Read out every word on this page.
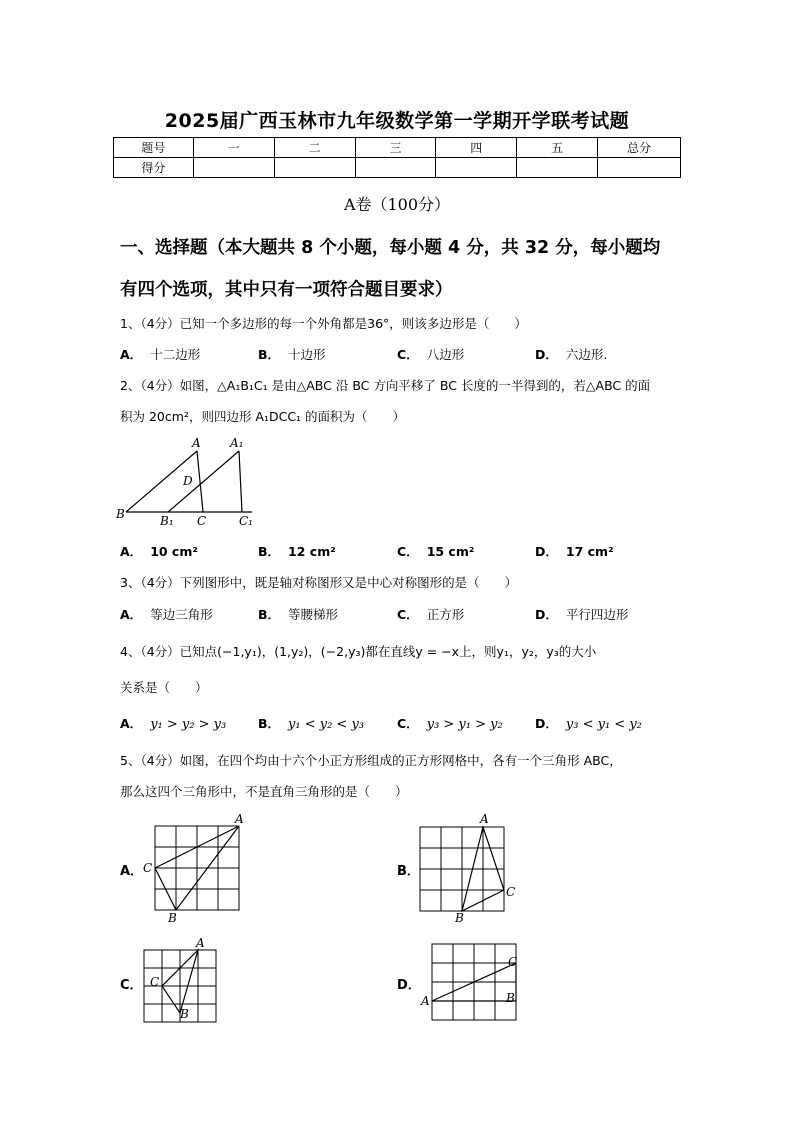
2025届广西玉林市九年级数学第一学期开学联考试题
题号	一	二	三	四	五	总分
得分						
A卷（100分）
一、选择题（本大题共 8 个小题，每小题 4 分，共 32 分，每小题均
有四个选项，其中只有一项符合题目要求）
1、（4分）已知一个多边形的每一个外角都是36°，则该多边形是（　　）
A． 十二边形	B． 十边形	C． 八边形	D． 六边形.
2、（4分）如图，△A₁B₁C₁ 是由△ABC 沿 BC 方向平移了 BC 长度的一半得到的，若△ABC 的面
积为 20cm²，则四边形 A₁DCC₁ 的面积为（　　）
A A₁
D
B	B₁ C	C₁
A． 10 cm²	B． 12 cm²	C． 15 cm²	D． 17 cm²
3、（4分）下列图形中，既是轴对称图形又是中心对称图形的是（　　）
A． 等边三角形	B． 等腰梯形	C． 正方形	D． 平行四边形
4、（4分）已知点(−1,y₁)，(1,y₂)，(−2,y₃)都在直线y = −x上，则y₁，y₂，y₃的大小
关系是（　　）
A． y₁ > y₂ > y₃	B． y₁ < y₂ < y₃	C． y₃ > y₁ > y₂	D． y₃ < y₁ < y₂
5、（4分）如图，在四个均由十六个小正方形组成的正方形网格中，各有一个三角形 ABC，
那么这四个三角形中，不是直角三角形的是（　　）
A．
A
C
B
B．
A
C
B
C．
A
C
B
D．
A
C
B
